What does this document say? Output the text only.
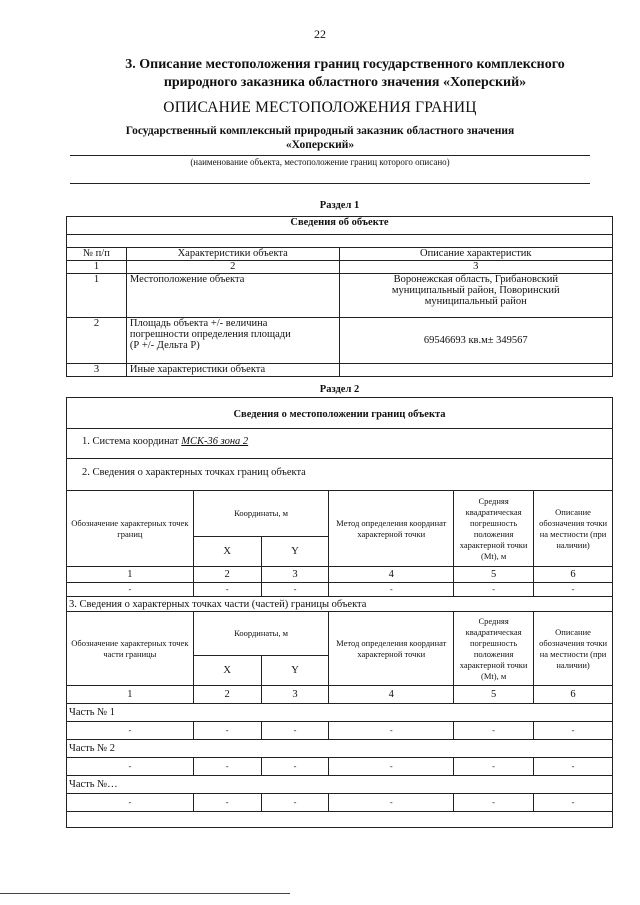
22
3. Описание местоположения границ государственного комплексного
природного заказника областного значения «Хоперский»
ОПИСАНИЕ МЕСТОПОЛОЖЕНИЯ ГРАНИЦ
Государственный комплексный природный заказник областного значения
«Хоперский»
(наименование объекта, местоположение границ которого описано)
Раздел 1
Сведения об объекте		

№ п/п	Характеристики объекта	Описание характеристик
1	2	3
1	Местоположение объекта	Воронежская область, Грибановский
муниципальный район, Поворинский
муниципальный район

2	Площадь объекта +/- величина
погрешности определения площади
(Р +/- Дельта Р)	69546693 кв.м± 349567
3	Иные характеристики объекта	
Раздел 2
Сведения о местоположении границ объекта
1. Система координат МСК-36 зона 2
2. Сведения о характерных точках границ объекта
Обозначение характерных точек границ	Координаты, м		Метод определения координат характерной точки	Средняя квадратическая погрешность положения характерной точки (Mt), м	Описание обозначения точки на местности (при наличии)
	X	Y			
1	2	3	4	5	6
-	-	-	-	-	-
3. Сведения о характерных точках части (частей) границы объекта					
Обозначение характерных точек части границы	Координаты, м		Метод определения координат характерной точки	Средняя квадратическая погрешность положения характерной точки (Mt), м	Описание обозначения точки на местности (при наличии)
	X	Y			
1	2	3	4	5	6
Часть № 1					
-	-	-	-	-	-
Часть № 2					
-	-	-	-	-	-
Часть №…					
-	-	-	-	-	-
